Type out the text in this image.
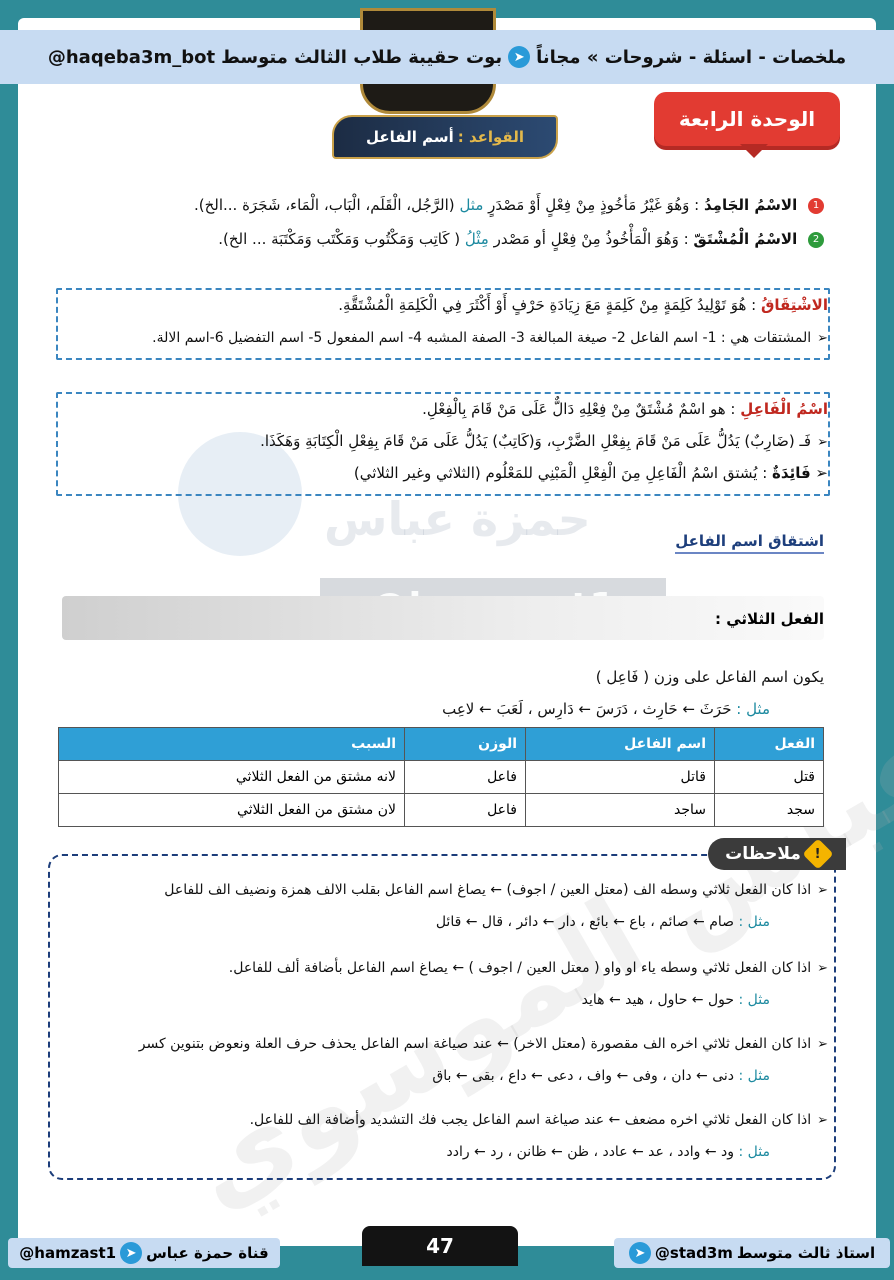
حمزة عباس
عباس الموسوي
ملخصات - اسئلة - شروحات » مجاناً
➤
بوت حقيبة طلاب الثالث متوسط
@haqeba3m_bot
الوحدة الرابعة
القواعد :
أسم الفاعل
1 الاسْمُ الجَامِدُ : وَهُوَ غَيْرُ مَأخُوذٍ مِنْ فِعْلٍ أَوْ مَصْدَرٍ مثل (الرَّجُل، الْقَلَم، الْبَاب، الْمَاء، شَجَرَة ...الخ).
2 الاسْمُ الْمُشْتَقّ : وَهُوَ الْمَأْخُوذُ مِنْ فِعْلٍ أو مَصْدر مِثْلُ ( كَاتِب وَمَكْتُوب وَمَكْتَب وَمَكْتَبَة ... الخ).
الاشْتِقَاقُ : هُوَ تَوْلِيدُ كَلِمَةٍ مِنْ كَلِمَةٍ مَعَ زِيَادَةِ حَرْفٍ أَوْ أَكْثَرَ فِي الْكَلِمَةِ الْمُشْتَقَّةِ.
➢ المشتقات هي : 1- اسم الفاعل 2- صيغة المبالغة 3- الصفة المشبه 4- اسم المفعول 5- اسم التفضيل 6-اسم الالة.
اسْمُ الْفَاعِلِ : هو اسْمٌ مُشْتَقٌ مِنْ فِعْلِهِ دَالٌّ عَلَى مَنْ قَامَ بِالْفِعْلِ.
➢ فَـ (ضَارِبٌ) يَدُلُّ عَلَى مَنْ قَامَ بِفِعْلِ الضَّرْبِ، وَ(كَاتِبٌ) يَدُلُّ عَلَى مَنْ قَامَ بِفِعْلِ الْكِتَابَةِ وَهَكَذَا.
➢ فَائِدَةٌ : يُشتق اسْمُ الْفَاعِلِ مِنَ الْفِعْلِ الْمَبْنِي للمَعْلُوم (الثلاثي وغير الثلاثي)
اشتقاق اسم الفاعل
الفعل الثلاثي :
يكون اسم الفاعل على وزن ( فَاعِل )
مثل : حَرَثَ ← حَارِث ، دَرَسَ ← دَارِس ، لَعَبَ ← لاعِب
الفعل	اسم الفاعل	الوزن	السبب
قتل	قاتل	فاعل	لانه مشتق من الفعل الثلاثي
سجد	ساجد	فاعل	لان مشتق من الفعل الثلاثي
!
ملاحظات
➢ اذا كان الفعل ثلاثي وسطه الف (معتل العين / اجوف) ← يصاغ اسم الفاعل بقلب الالف همزة ونضيف الف للفاعل
مثل : صام ← صائم ، باع ← بائع ، دار ← دائر ، قال ← قائل
➢ اذا كان الفعل ثلاثي وسطه ياء او واو ( معتل العين / اجوف ) ← يصاغ اسم الفاعل بأضافة ألف للفاعل.
مثل : حول ← حاول ، هيد ← هايد
➢ اذا كان الفعل ثلاثي اخره الف مقصورة (معتل الاخر) ← عند صياغة اسم الفاعل يحذف حرف العلة ونعوض بتنوين كسر
مثل : دنى ← دان ، وفى ← واف ، دعى ← داع ، بقى ← باق
➢ اذا كان الفعل ثلاثي اخره مضعف ← عند صياغة اسم الفاعل يجب فك التشديد وأضافة الف للفاعل.
مثل : ود ← وادد ، عد ← عادد ، ظن ← ظانن ، رد ← رادد
قناة حمزة عباس
➤
@hamzast1	47	استاذ ثالث متوسط
@stad3m
➤
